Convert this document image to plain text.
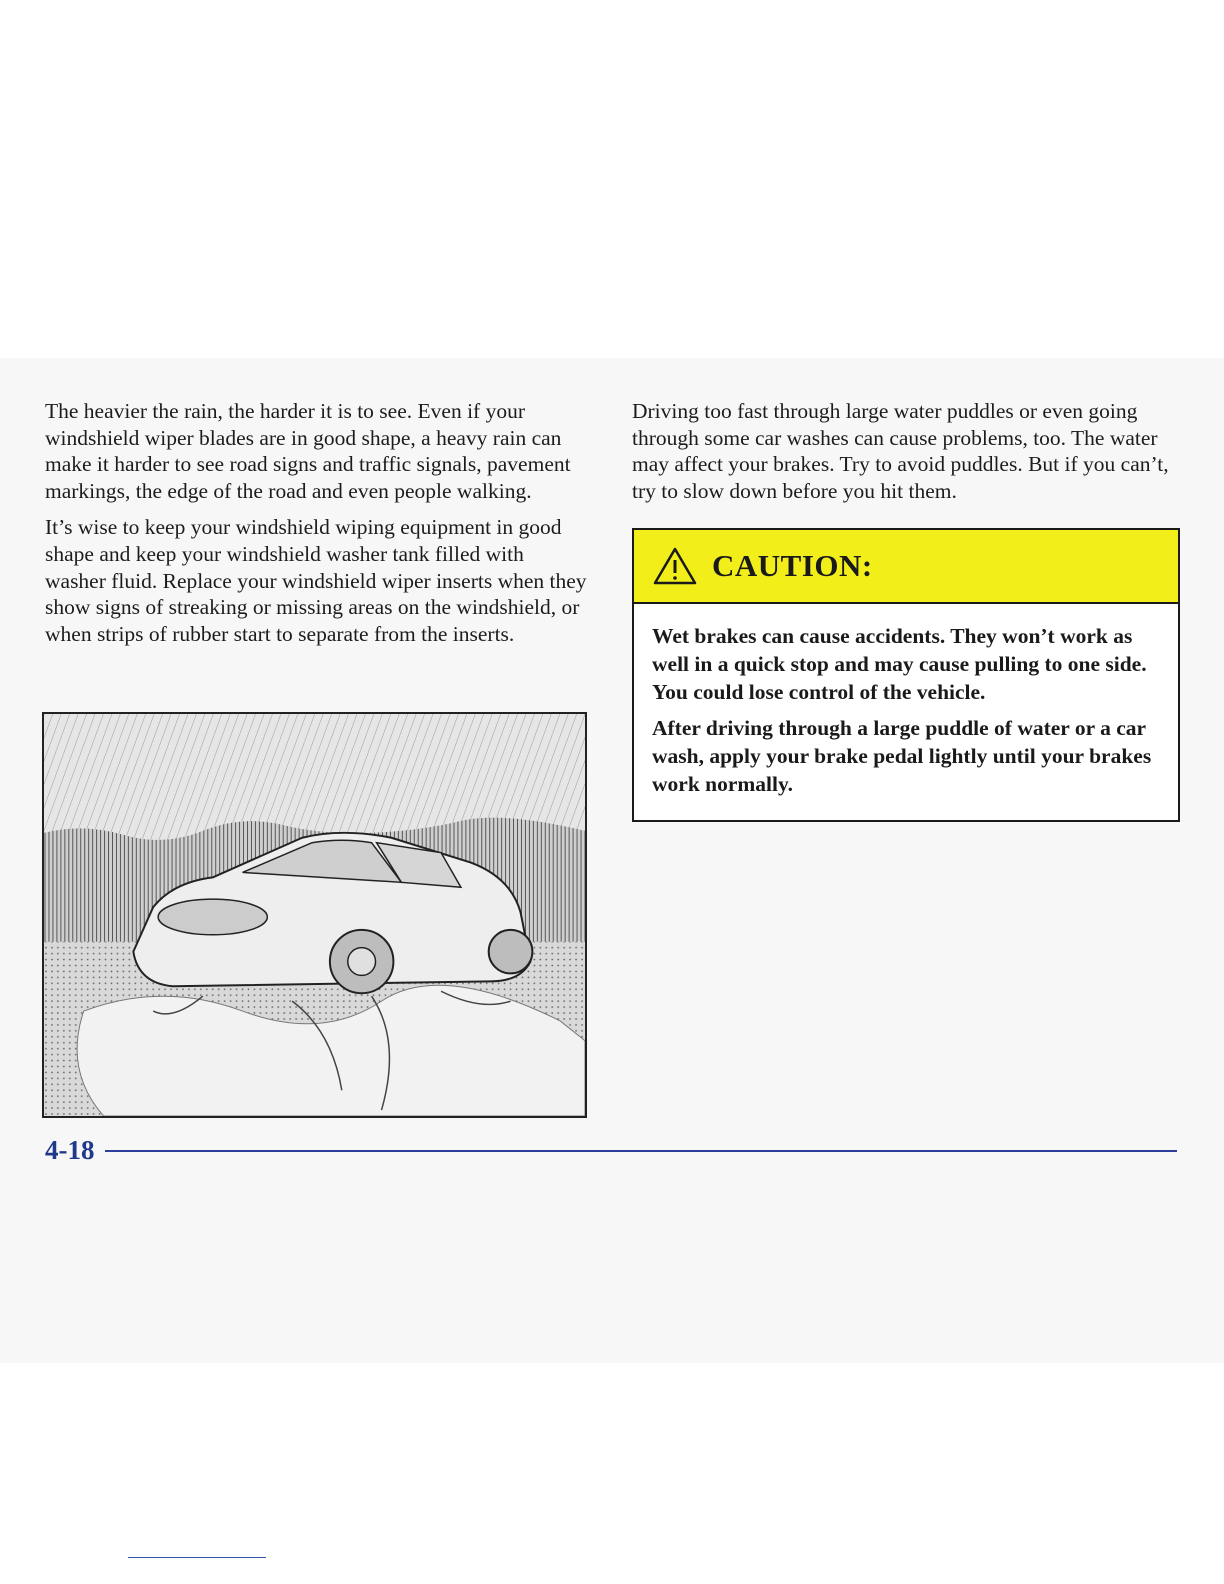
The heavier the rain, the harder it is to see. Even if your windshield wiper blades are in good shape, a heavy rain can make it harder to see road signs and traffic signals, pavement markings, the edge of the road and even people walking.

It’s wise to keep your windshield wiping equipment in good shape and keep your windshield washer tank filled with washer fluid. Replace your windshield wiper inserts when they show signs of streaking or missing areas on the windshield, or when strips of rubber start to separate from the inserts.

Driving too fast through large water puddles or even going through some car washes can cause problems, too. The water may affect your brakes. Try to avoid puddles. But if you can’t, try to slow down before you hit them.

CAUTION:

Wet brakes can cause accidents. They won’t work as well in a quick stop and may cause pulling to one side. You could lose control of the vehicle.

After driving through a large puddle of water or a car wash, apply your brake pedal lightly until your brakes work normally.

4-18
